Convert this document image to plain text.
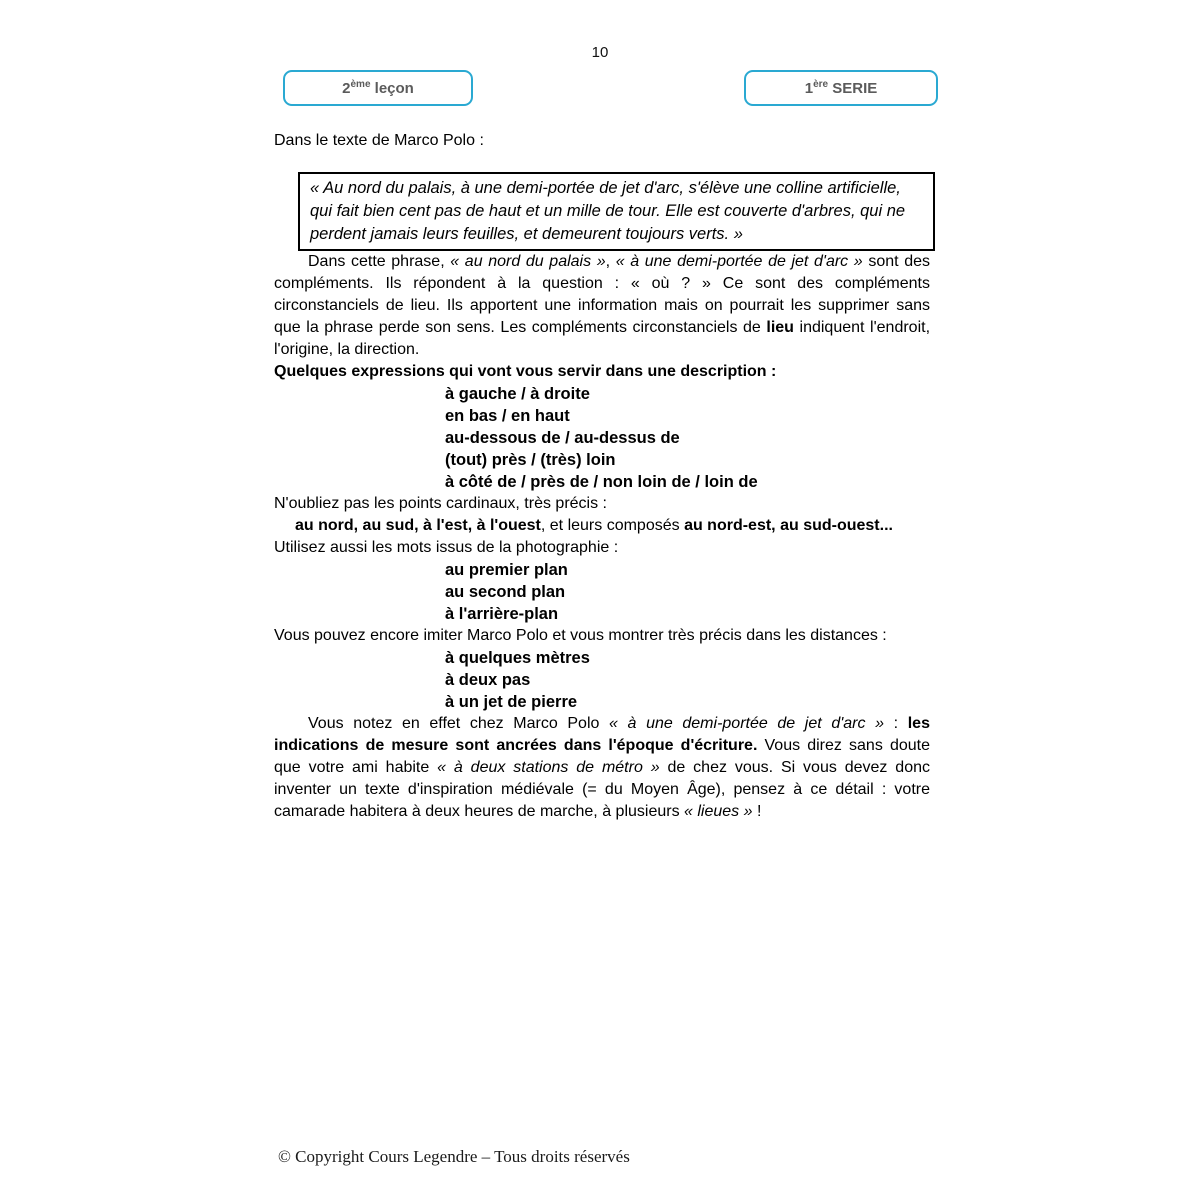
10
2ème leçon	1ère SERIE

Dans le texte de Marco Polo :

« Au nord du palais, à une demi-portée de jet d'arc, s'élève une colline artificielle, qui fait bien cent pas de haut et un mille de tour. Elle est couverte d'arbres, qui ne perdent jamais leurs feuilles, et demeurent toujours verts. »

Dans cette phrase, « au nord du palais », « à une demi-portée de jet d'arc » sont des compléments. Ils répondent à la question : « où ? » Ce sont des compléments circonstanciels de lieu. Ils apportent une information mais on pourrait les supprimer sans que la phrase perde son sens. Les compléments circonstanciels de lieu indiquent l'endroit, l'origine, la direction.

Quelques expressions qui vont vous servir dans une description :

à gauche / à droite
en bas / en haut
au-dessous de / au-dessus de
(tout) près / (très) loin
à côté de / près de / non loin de / loin de

N'oubliez pas les points cardinaux, très précis :

au nord, au sud, à l'est, à l'ouest, et leurs composés au nord-est, au sud-ouest...

Utilisez aussi les mots issus de la photographie :

au premier plan
au second plan
à l'arrière-plan

Vous pouvez encore imiter Marco Polo et vous montrer très précis dans les distances :

à quelques mètres
à deux pas
à un jet de pierre

Vous notez en effet chez Marco Polo « à une demi-portée de jet d'arc » : les indications de mesure sont ancrées dans l'époque d'écriture. Vous direz sans doute que votre ami habite « à deux stations de métro » de chez vous. Si vous devez donc inventer un texte d'inspiration médiévale (= du Moyen Âge), pensez à ce détail : votre camarade habitera à deux heures de marche, à plusieurs « lieues » !

© Copyright Cours Legendre – Tous droits réservés
